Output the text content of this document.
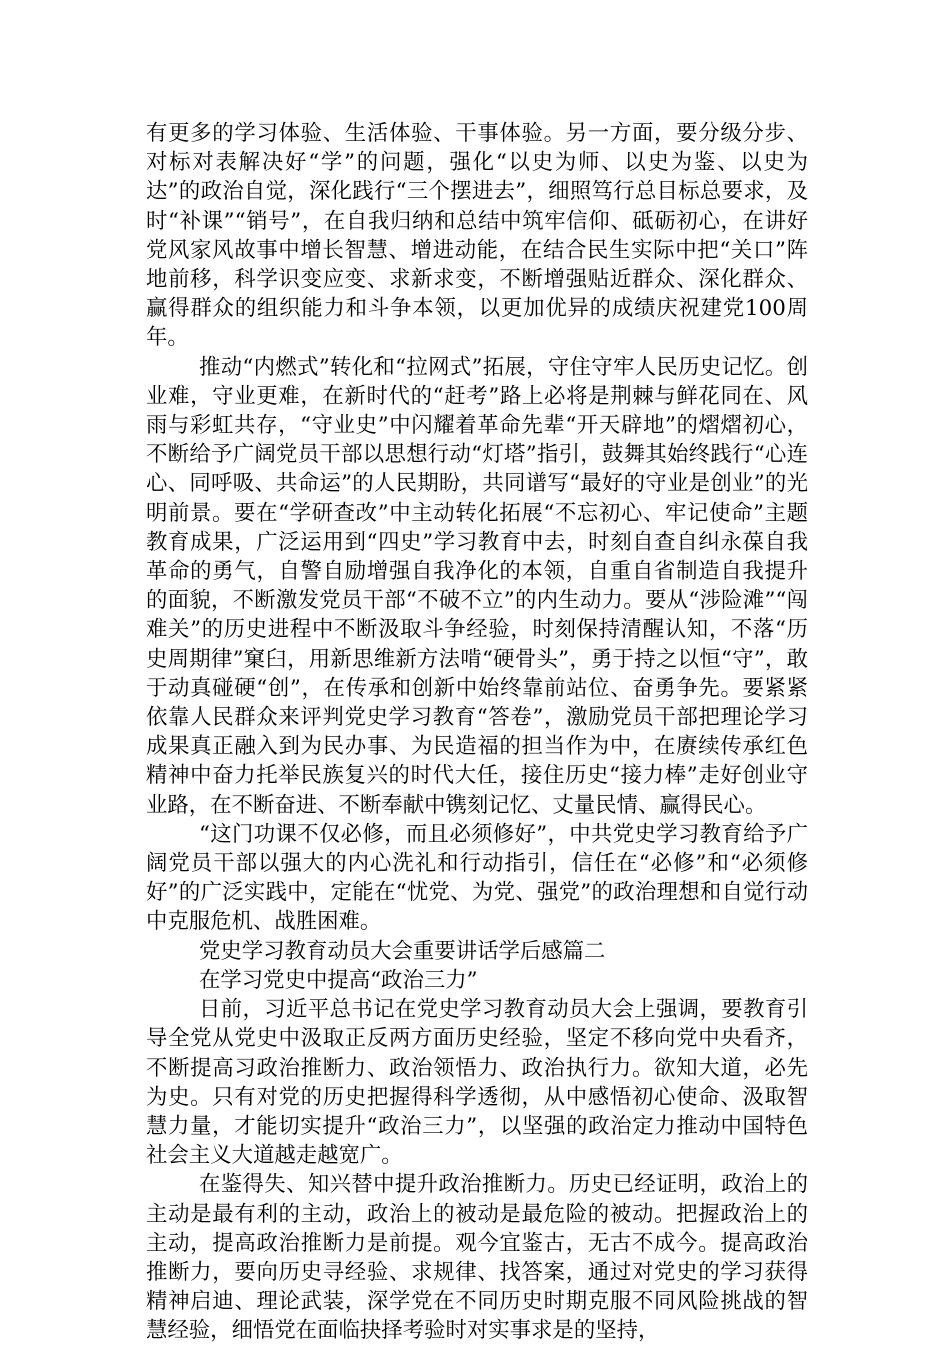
有更多的学习体验、生活体验、干事体验。另一方面，要分级分步、对标对表解决好“学”的问题，强化“以史为师、以史为鉴、以史为达”的政治自觉，深化践行“三个摆进去”，细照笃行总目标总要求，及时“补课”“销号”，在自我归纳和总结中筑牢信仰、砥砺初心，在讲好党风家风故事中增长智慧、增进动能，在结合民生实际中把“关口”阵地前移，科学识变应变、求新求变，不断增强贴近群众、深化群众、赢得群众的组织能力和斗争本领，以更加优异的成绩庆祝建党100周年。

推动“内燃式”转化和“拉网式”拓展，守住守牢人民历史记忆。创业难，守业更难，在新时代的“赶考”路上必将是荆棘与鲜花同在、风雨与彩虹共存，“守业史”中闪耀着革命先辈“开天辟地”的熠熠初心，不断给予广阔党员干部以思想行动“灯塔”指引，鼓舞其始终践行“心连心、同呼吸、共命运”的人民期盼，共同谱写“最好的守业是创业”的光明前景。要在“学研查改”中主动转化拓展“不忘初心、牢记使命”主题教育成果，广泛运用到“四史”学习教育中去，时刻自查自纠永葆自我革命的勇气，自警自励增强自我净化的本领，自重自省制造自我提升的面貌，不断激发党员干部“不破不立”的内生动力。要从“涉险滩”“闯难关”的历史进程中不断汲取斗争经验，时刻保持清醒认知，不落“历史周期律”窠臼，用新思维新方法啃“硬骨头”，勇于持之以恒“守”，敢于动真碰硬“创”，在传承和创新中始终靠前站位、奋勇争先。要紧紧依靠人民群众来评判党史学习教育“答卷”，激励党员干部把理论学习成果真正融入到为民办事、为民造福的担当作为中，在赓续传承红色精神中奋力托举民族复兴的时代大任，接住历史“接力棒”走好创业守业路，在不断奋进、不断奉献中镌刻记忆、丈量民情、赢得民心。

“这门功课不仅必修，而且必须修好”，中共党史学习教育给予广阔党员干部以强大的内心洗礼和行动指引，信任在“必修”和“必须修好”的广泛实践中，定能在“忧党、为党、强党”的政治理想和自觉行动中克服危机、战胜困难。

党史学习教育动员大会重要讲话学后感篇二

在学习党史中提高“政治三力”

日前，习近平总书记在党史学习教育动员大会上强调，要教育引导全党从党史中汲取正反两方面历史经验，坚定不移向党中央看齐，不断提高习政治推断力、政治领悟力、政治执行力。欲知大道，必先为史。只有对党的历史把握得科学透彻，从中感悟初心使命、汲取智慧力量，才能切实提升“政治三力”，以坚强的政治定力推动中国特色社会主义大道越走越宽广。

在鉴得失、知兴替中提升政治推断力。历史已经证明，政治上的主动是最有利的主动，政治上的被动是最危险的被动。把握政治上的主动，提高政治推断力是前提。观今宜鉴古，无古不成今。提高政治推断力，要向历史寻经验、求规律、找答案，通过对党史的学习获得精神启迪、理论武装，深学党在不同历史时期克服不同风险挑战的智慧经验，细悟党在面临抉择考验时对实事求是的坚持，
